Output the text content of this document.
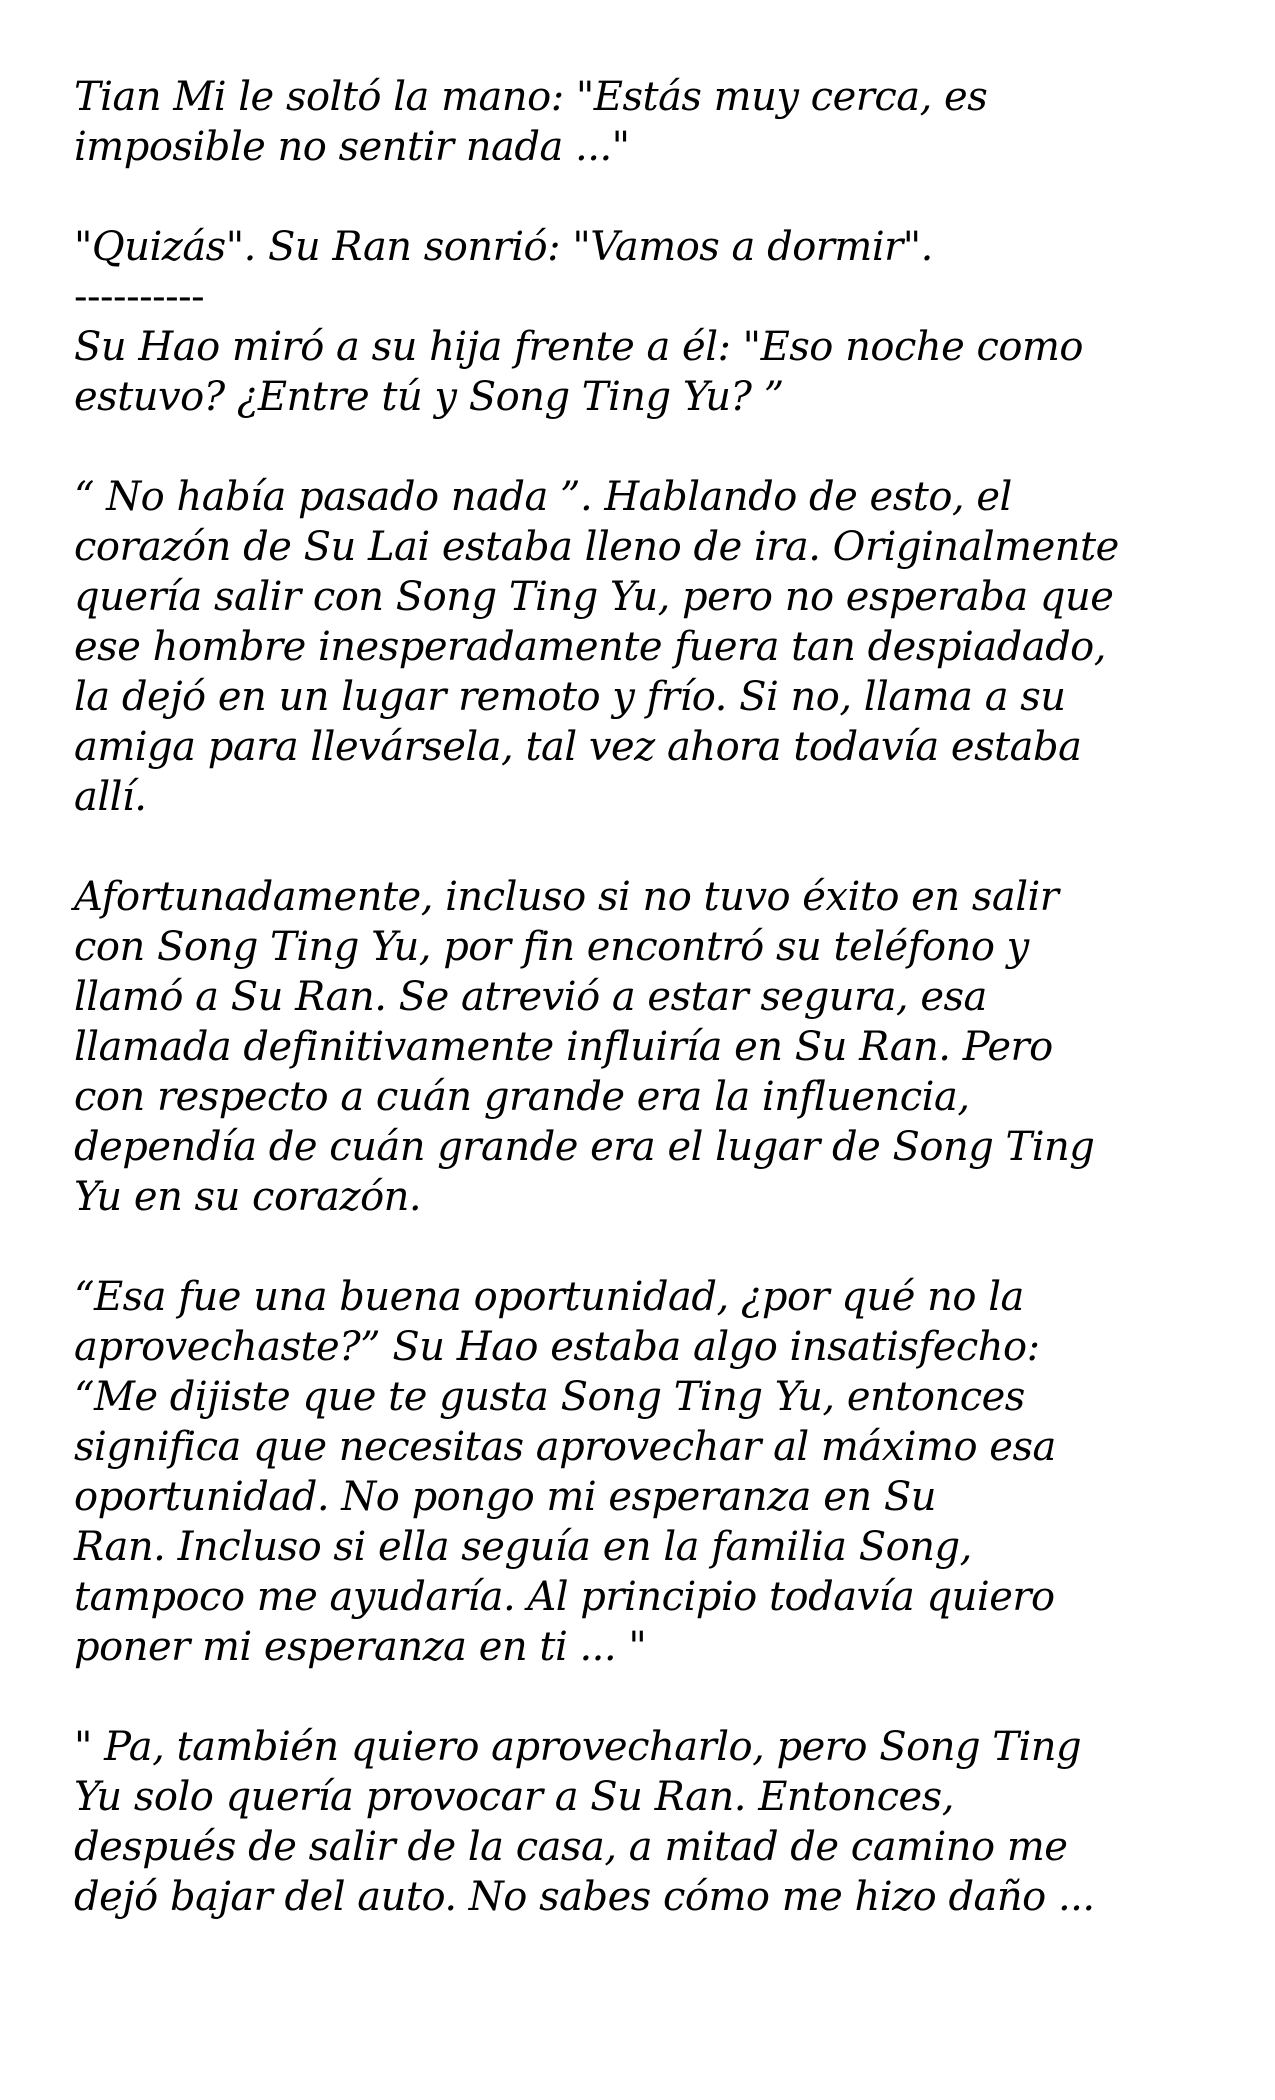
Tian Mi le soltó la mano: "Estás muy cerca, es
imposible no sentir nada ..."
"Quizás". Su Ran sonrió: "Vamos a dormir".
----------
Su Hao miró a su hija frente a él: "Eso noche como
estuvo? ¿Entre tú y Song Ting Yu? ”
“ No había pasado nada ”. Hablando de esto, el
corazón de Su Lai estaba lleno de ira. Originalmente
quería salir con Song Ting Yu, pero no esperaba que
ese hombre inesperadamente fuera tan despiadado,
la dejó en un lugar remoto y frío. Si no, llama a su
amiga para llevársela, tal vez ahora todavía estaba
allí.
Afortunadamente, incluso si no tuvo éxito en salir
con Song Ting Yu, por fin encontró su teléfono y
llamó a Su Ran. Se atrevió a estar segura, esa
llamada definitivamente influiría en Su Ran. Pero
con respecto a cuán grande era la influencia,
dependía de cuán grande era el lugar de Song Ting
Yu en su corazón.
“Esa fue una buena oportunidad, ¿por qué no la
aprovechaste?” Su Hao estaba algo insatisfecho:
“Me dijiste que te gusta Song Ting Yu, entonces
significa que necesitas aprovechar al máximo esa
oportunidad. No pongo mi esperanza en Su
Ran. Incluso si ella seguía en la familia Song,
tampoco me ayudaría. Al principio todavía quiero
poner mi esperanza en ti ... "
" Pa, también quiero aprovecharlo, pero Song Ting
Yu solo quería provocar a Su Ran. Entonces,
después de salir de la casa, a mitad de camino me
dejó bajar del auto. No sabes cómo me hizo daño ...
